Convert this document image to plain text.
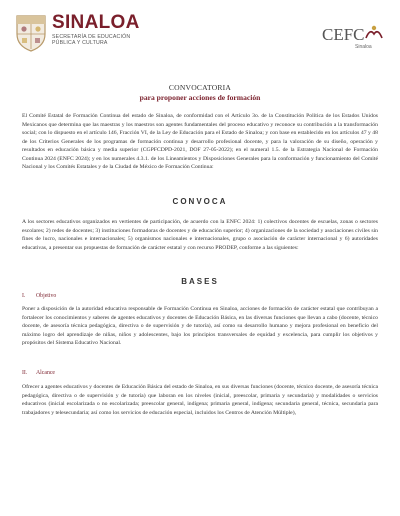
SINALOA
SECRETARÍA DE EDUCACIÓN
PÚBLICA Y CULTURA	CEFC
Sinaloa
CONVOCATORIA
para proponer acciones de formación

El Comité Estatal de Formación Continua del estado de Sinaloa, de conformidad con el Artículo 3o. de la Constitución Política de los Estados Unidos Mexicanos que determina que las maestras y los maestros son agentes fundamentales del proceso educativo y reconoce su contribución a la transformación social; con lo dispuesto en el artículo 146, Fracción VI, de la Ley de Educación para el Estado de Sinaloa; y con base en establecido en los artículos 47 y 48 de los Criterios Generales de los programas de formación continua y desarrollo profesional docente, y para la valoración de su diseño, operación y resultados en educación básica y media superior (CGPFCDPD-2021, DOF 27-05-2022); en el numeral 1.5. de la Estrategia Nacional de Formación Continua 2024 (ENFC 2024); y en los numerales 4.3.1. de los Lineamientos y Disposiciones Generales para la conformación y funcionamiento del Comité Nacional y los Comités Estatales y de la Ciudad de México de Formación Continua:

CONVOCA

A los sectores educativos organizados en vertientes de participación, de acuerdo con la ENFC 2024: 1) colectivos docentes de escuelas, zonas o sectores escolares; 2) redes de docentes; 3) instituciones formadoras de docentes y de educación superior; 4) organizaciones de la sociedad y asociaciones civiles sin fines de lucro, nacionales e internacionales; 5) organismos nacionales e internacionales, grupo o asociación de carácter internacional y 6) autoridades educativas, a presentar sus propuestas de formación de carácter estatal y con recurso PRODEP, conforme a las siguientes:

BASES
I. Objetivo

Poner a disposición de la autoridad educativa responsable de Formación Continua en Sinaloa, acciones de formación de carácter estatal que contribuyan a fortalecer los conocimientos y saberes de agentes educativos y docentes de Educación Básica, en las diversas funciones que llevan a cabo (docente, técnico docente, de asesoría técnica pedagógica, directiva o de supervisión y de tutoría), así como su desarrollo humano y mejora profesional en beneficio del máximo logro del aprendizaje de niñas, niños y adolescentes, bajo los principios transversales de equidad y excelencia, para cumplir los objetivos y propósitos del Sistema Educativo Nacional.

II. Alcance

Ofrecer a agentes educativos y docentes de Educación Básica del estado de Sinaloa, en sus diversas funciones (docente, técnico docente, de asesoría técnica pedagógica, directiva o de supervisión y de tutoría) que laboran en los niveles (inicial, preescolar, primaria y secundaria) y modalidades o servicios educativos (inicial escolarizada o no escolarizada; preescolar general, indígena; primaria general, indígena; secundaria general, técnica, secundaria para trabajadores y telesecundaria; así como los servicios de educación especial, incluidos los Centros de Atención Múltiple),
